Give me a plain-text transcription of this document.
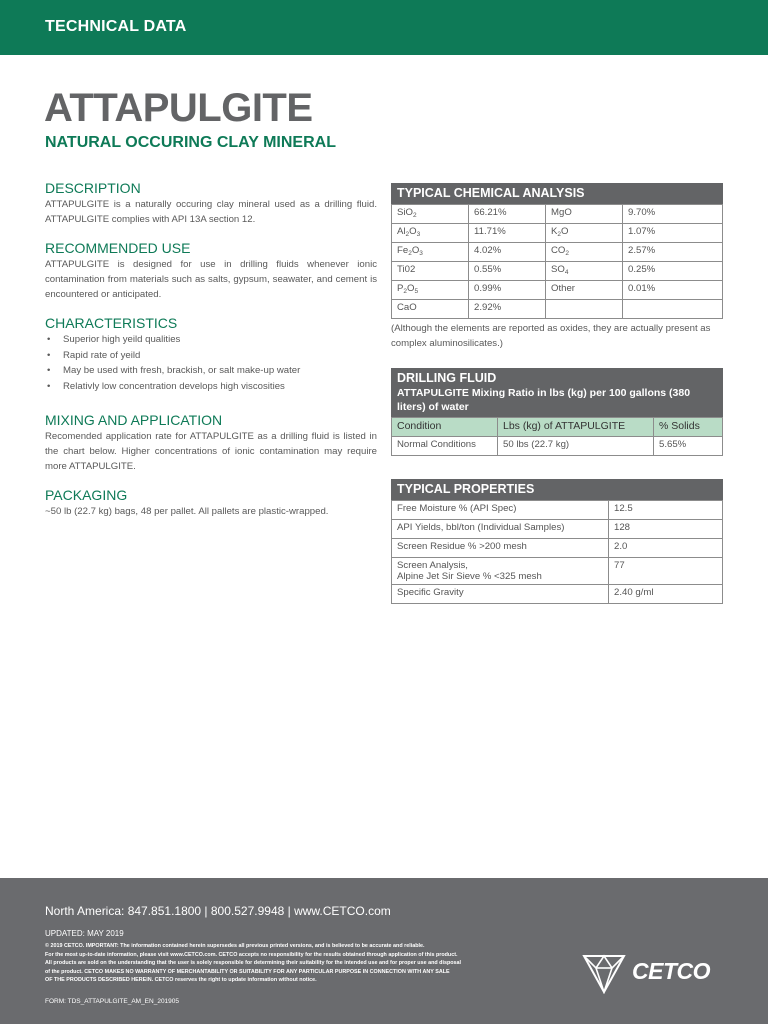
TECHNICAL DATA
ATTAPULGITE
NATURAL OCCURING CLAY MINERAL
DESCRIPTION

ATTAPULGITE is a naturally occuring clay mineral used as a drilling fluid. ATTAPULGITE complies with API 13A section 12.

RECOMMENDED USE

ATTAPULGITE is designed for use in drilling fluids whenever ionic contamination from materials such as salts, gypsum, seawater, and cement is encountered or anticipated.

CHARACTERISTICS
• Superior high yeild qualities
• Rapid rate of yeild
• May be used with fresh, brackish, or salt make-up water
• Relativly low concentration develops high viscosities
MIXING AND APPLICATION

Recomended application rate for ATTAPULGITE as a drilling fluid is listed in the chart below. Higher concentrations of ionic contamination may require more ATTAPULGITE.

PACKAGING

~50 lb (22.7 kg) bags, 48 per pallet. All pallets are plastic-wrapped.

TYPICAL CHEMICAL ANALYSIS
SiO$_2$	66.21%	MgO	9.70%
$Al_2O_3$	11.71%	$K_2O$	1.07%
$Fe_2O_3$	4.02%	$CO_2$	2.57%
Ti02	0.55%	$SO_4$	0.25%
$P_2O_5$	0.99%	Other	0.01%
CaO	2.92%		
(Although the elements are reported as oxides, they are actually present as complex aluminosilicates.)
DRILLING FLUID
ATTAPULGITE Mixing Ratio in lbs (kg) per 100 gallons (380 liters) of water
Condition	Lbs (kg) of ATTAPULGITE	% Solids
Normal Conditions	50 lbs (22.7 kg)	5.65%
TYPICAL PROPERTIES
Free Moisture % (API Spec)	12.5
API Yields, bbl/ton (Individual Samples)	128
Screen Residue % >200 mesh	2.0
Screen Analysis,
Alpine Jet Sir Sieve % <325 mesh	77
Specific Gravity	2.40 g/ml
North America: 847.851.1800 | 800.527.9948 | www.CETCO.com
UPDATED: MAY 2019
© 2019 CETCO. IMPORTANT: The information contained herein supersedes all previous printed versions, and is believed to be accurate and reliable.
For the most up-to-date information, please visit www.CETCO.com. CETCO accepts no responsibility for the results obtained through application of this product.
All products are sold on the understanding that the user is solely responsible for determining their suitability for the intended use and for proper use and disposal
of the product. CETCO MAKES NO WARRANTY OF MERCHANTABILITY OR SUITABILITY FOR ANY PARTICULAR PURPOSE IN CONNECTION WITH ANY SALE
OF THE PRODUCTS DESCRIBED HEREIN. CETCO reserves the right to update information without notice.
FORM: TDS_ATTAPULGITE_AM_EN_201905
CETCO
